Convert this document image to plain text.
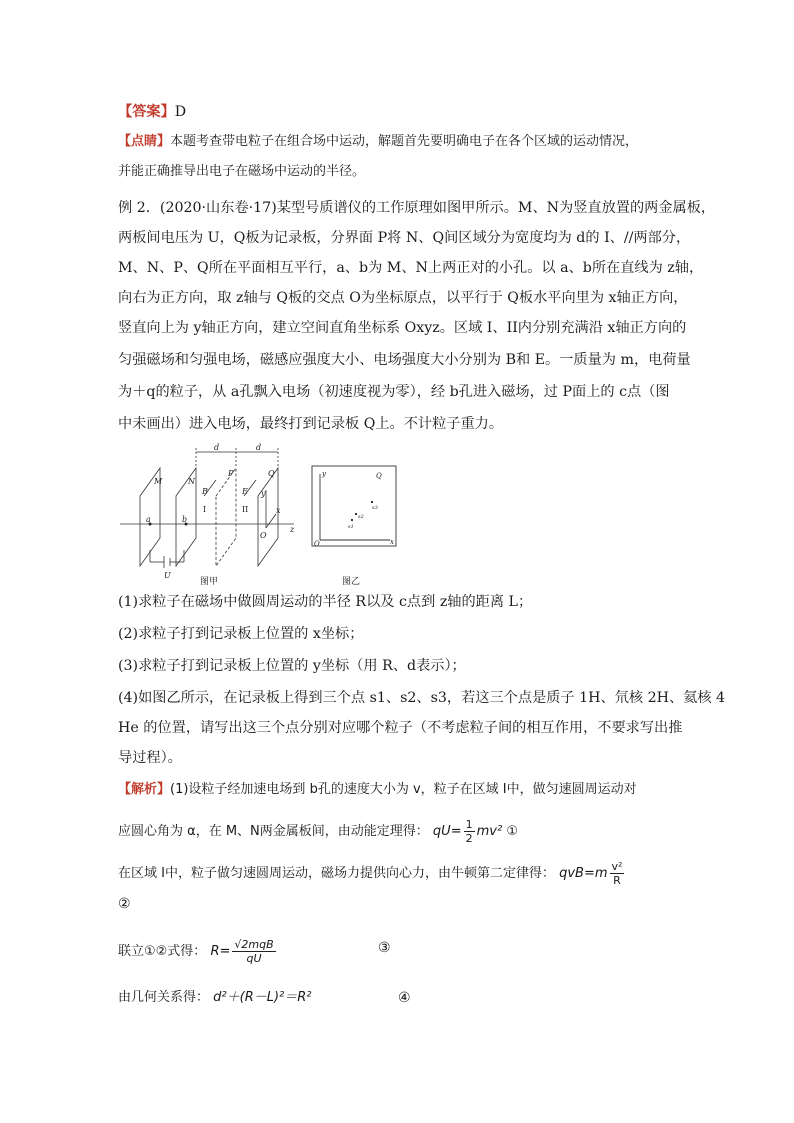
【答案】D
【点睛】本题考查带电粒子在组合场中运动，解题首先要明确电子在各个区域的运动情况，
并能正确推导出电子在磁场中运动的半径。
例 2．(2020·山东卷·17)某型号质谱仪的工作原理如图甲所示。M、N为竖直放置的两金属板，
两板间电压为 U，Q板为记录板，分界面 P将 N、Q间区域分为宽度均为 d的 I、//两部分，
M、N、P、Q所在平面相互平行，a、b为 M、N上两正对的小孔。以 a、b所在直线为 z轴，
向右为正方向，取 z轴与 Q板的交点 O为坐标原点，以平行于 Q板水平向里为 x轴正方向，
竖直向上为 y轴正方向，建立空间直角坐标系 Oxyz。区域 I、II内分别充满沿 x轴正方向的
匀强磁场和匀强电场，磁感应强度大小、电场强度大小分别为 B和 E。一质量为 m，电荷量
为＋q的粒子，从 a孔飘入电场（初速度视为零），经 b孔进入磁场，过 P面上的 c点（图
中未画出）进入电场，最终打到记录板 Q上。不计粒子重力。
M	N
P	Q
a	b
B	E
d	d
y
x
z
O
U
I	II
图甲
Q
y
x
O
s1
s2
s3
图乙
(1)求粒子在磁场中做圆周运动的半径 R以及 c点到 z轴的距离 L；
(2)求粒子打到记录板上位置的 x坐标；
(3)求粒子打到记录板上位置的 y坐标（用 R、d表示）；
(4)如图乙所示，在记录板上得到三个点 s1、s2、s3，若这三个点是质子 1H、氘核 2H、氦核 4
He 的位置，请写出这三个点分别对应哪个粒子（不考虑粒子间的相互作用，不要求写出推
导过程）。
【解析】(1)设粒子经加速电场到 b孔的速度大小为 v，粒子在区域 I中，做匀速圆周运动对
应圆心角为 α，在 M、N两金属板间，由动能定理得： $qU= \frac{1}{2} mv^2$ ①
在区域 I中，粒子做匀速圆周运动，磁场力提供向心力，由牛顿第二定律得： $qvB=m \frac{\text{v²}}{R}$
②
联立①②式得： $R= \frac{\text{√2mqB}}{qU}$	③
由几何关系得： d²＋(R－L)²＝R²	④
